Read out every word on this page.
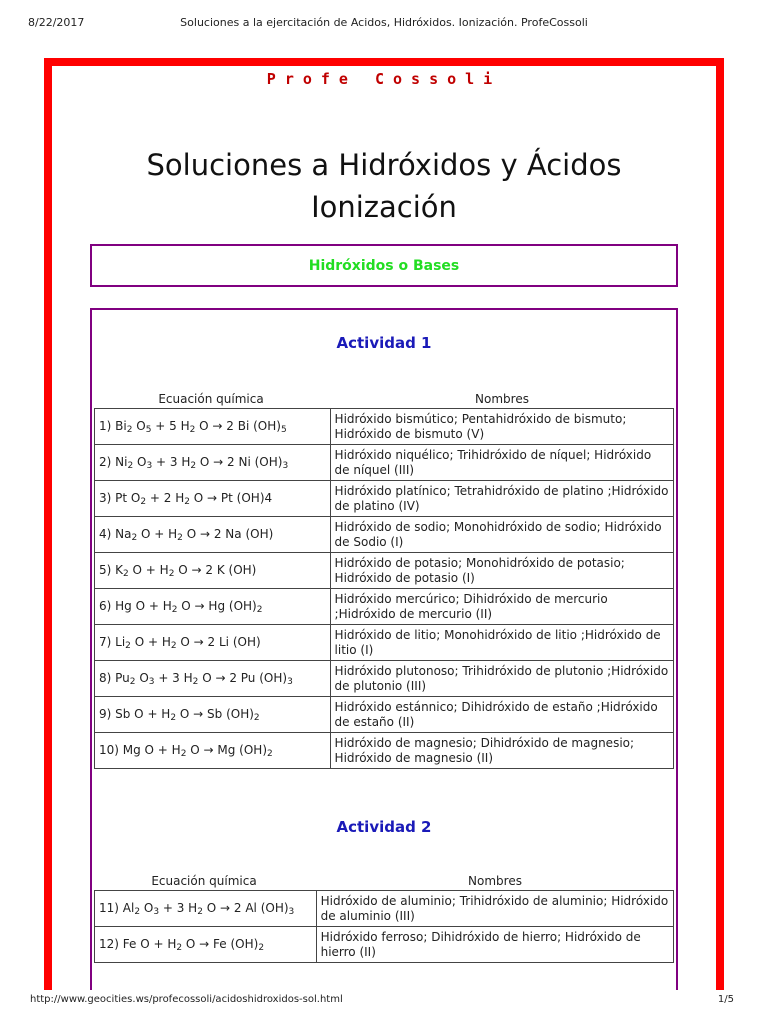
8/22/2017	Soluciones a la ejercitación de Acidos, Hidróxidos. Ionización. ProfeCossoli
Profe Cossoli
Soluciones a Hidróxidos y Ácidos
Ionización
Hidróxidos o Bases
Actividad 1
Ecuación química	Nombres
1) $Bi_2$ $O_5 + 5$ $H_2$ O → 2 Bi $(OH)_5$	Hidróxido bismútico; Pentahidróxido de bismuto; Hidróxido de bismuto (V)
2) $Ni_2$ $O_3 + 3$ $H_2$ O → 2 Ni $(OH)_3$	Hidróxido niquélico; Trihidróxido de níquel; Hidróxido de níquel (III)
3) Pt $O_2 + 2$ $H_2$ O → Pt (OH)4	Hidróxido platínico; Tetrahidróxido de platino ;Hidróxido de platino (IV)
4) $Na_2$ $O + H_2$ O → 2 Na (OH)	Hidróxido de sodio; Monohidróxido de sodio; Hidróxido de Sodio (I)
5) $K_2$ $O + H_2$ O → 2 K (OH)	Hidróxido de potasio; Monohidróxido de potasio; Hidróxido de potasio (I)
6) Hg $O + H_2$ O → Hg $(OH)_2$	Hidróxido mercúrico; Dihidróxido de mercurio ;Hidróxido de mercurio (II)
7) $Li_2$ $O + H_2$ O → 2 Li (OH)	Hidróxido de litio; Monohidróxido de litio ;Hidróxido de litio (I)
8) $Pu_2$ $O_3 + 3$ $H_2$ O → 2 Pu $(OH)_3$	Hidróxido plutonoso; Trihidróxido de plutonio ;Hidróxido de plutonio (III)
9) Sb $O + H_2$ O → Sb $(OH)_2$	Hidróxido estánnico; Dihidróxido de estaño ;Hidróxido de estaño (II)
10) Mg $O + H_2$ O → Mg $(OH)_2$	Hidróxido de magnesio; Dihidróxido de magnesio; Hidróxido de magnesio (II)
Actividad 2
Ecuación química	Nombres
11) $Al_2$ $O_3 + 3$ $H_2$ O → 2 Al $(OH)_3$	Hidróxido de aluminio; Trihidróxido de aluminio; Hidróxido de aluminio (III)
12) Fe $O + H_2$ O → Fe $(OH)_2$	Hidróxido ferroso; Dihidróxido de hierro; Hidróxido de hierro (II)
http://www.geocities.ws/profecossoli/acidoshidroxidos-sol.html	1/5
